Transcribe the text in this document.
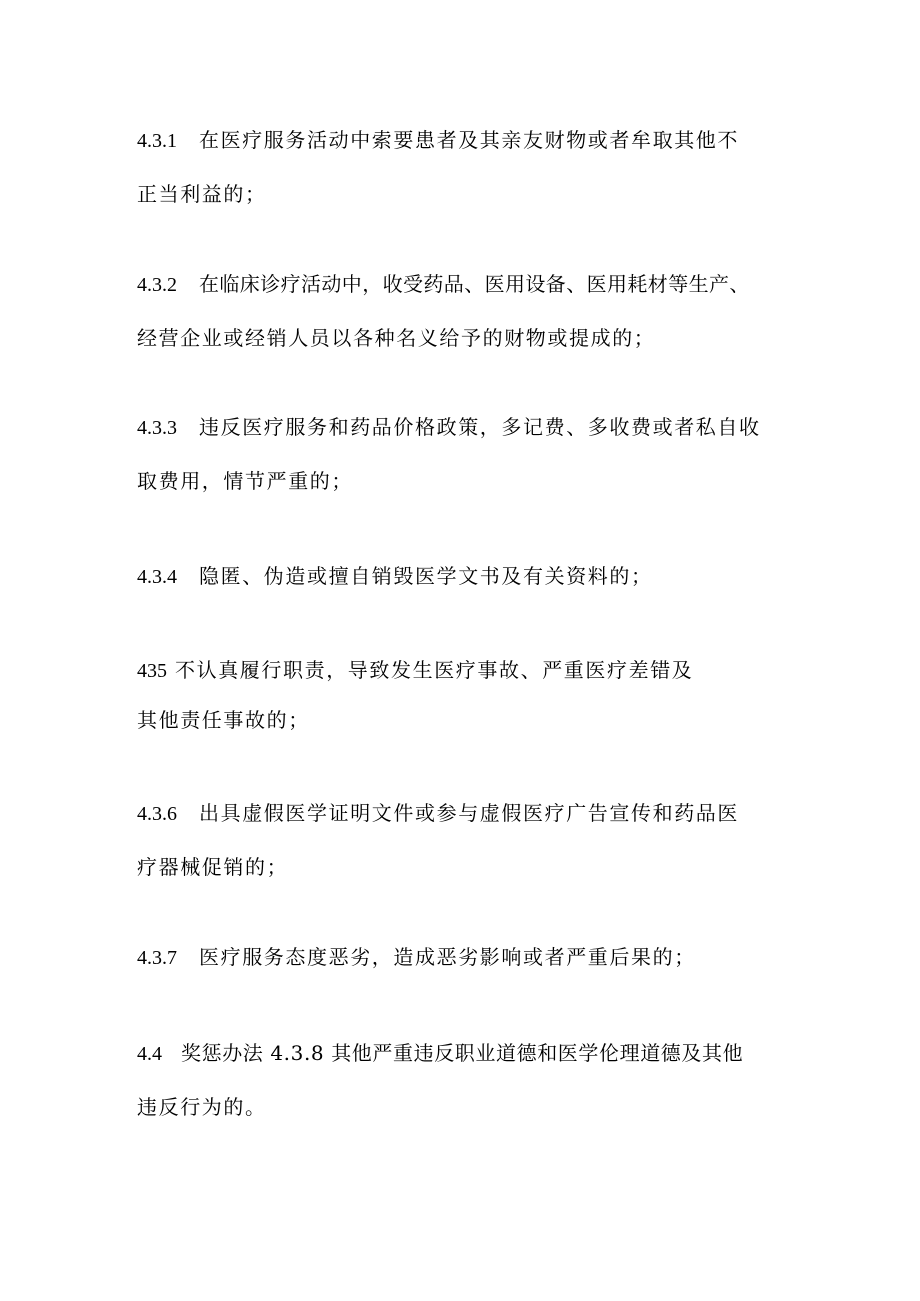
4.3.1 在医疗服务活动中索要患者及其亲友财物或者牟取其他不
正当利益的；
4.3.2 在临床诊疗活动中，收受药品、医用设备、医用耗材等生产、
经营企业或经销人员以各种名义给予的财物或提成的；
4.3.3 违反医疗服务和药品价格政策，多记费、多收费或者私自收
取费用，情节严重的；
4.3.4 隐匿、伪造或擅自销毁医学文书及有关资料的；
435 不认真履行职责，导致发生医疗事故、严重医疗差错及
其他责任事故的；
4.3.6 出具虚假医学证明文件或参与虚假医疗广告宣传和药品医
疗器械促销的；
4.3.7 医疗服务态度恶劣，造成恶劣影响或者严重后果的；
4.4 奖惩办法 4.3.8 其他严重违反职业道德和医学伦理道德及其他
违反行为的。
